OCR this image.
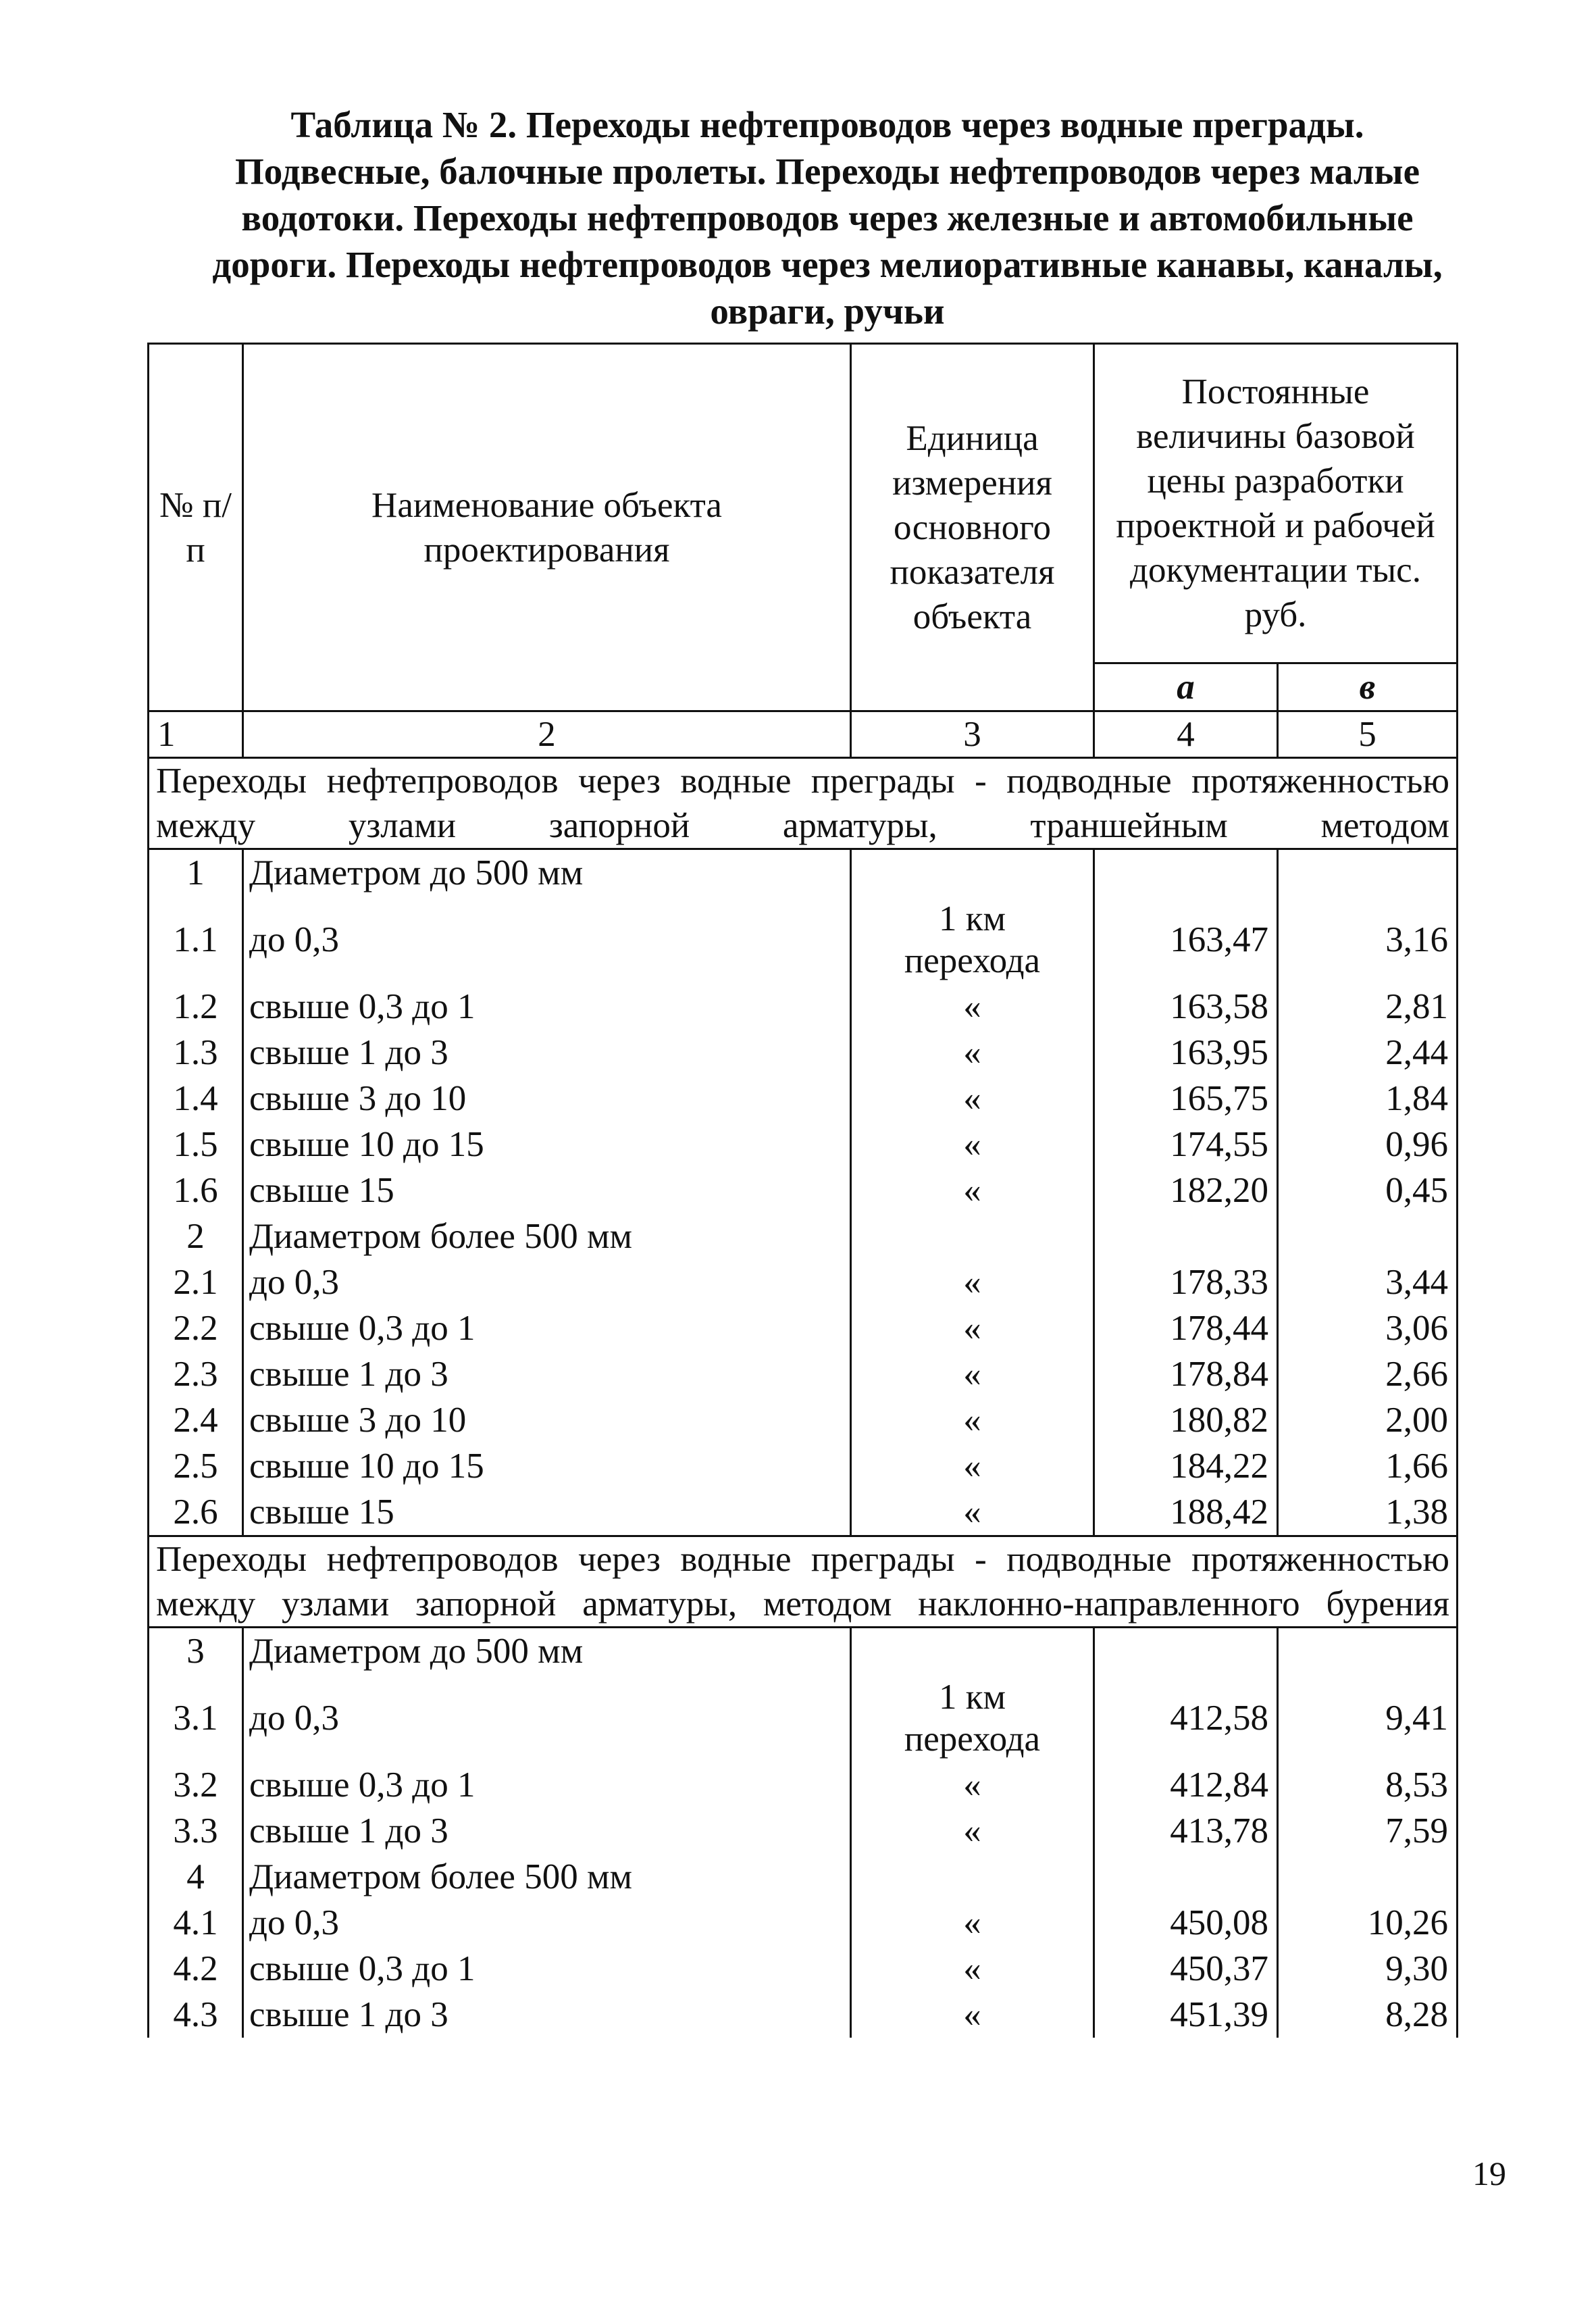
Таблица № 2. Переходы нефтепроводов через водные преграды.
Подвесные, балочные пролеты. Переходы нефтепроводов через малые
водотоки. Переходы нефтепроводов через железные и автомобильные
дороги. Переходы нефтепроводов через мелиоративные канавы, каналы,
овраги, ручьи
№ п/п	Наименование объекта проектирования	Единица измерения основного показателя объекта	Постоянные величины базовой цены разработки проектной и рабочей документации тыс. руб.	
			а	в
1	2	3	4	5
Переходы нефтепроводов через водные преграды - подводные протяженностью между узлами запорной арматуры, траншейным методом				
1	Диаметром до 500 мм			
1.1	до 0,3	1 км перехода	163,47	3,16
1.2	свыше 0,3 до 1	«	163,58	2,81
1.3	свыше 1 до 3	«	163,95	2,44
1.4	свыше 3 до 10	«	165,75	1,84
1.5	свыше 10 до 15	«	174,55	0,96
1.6	свыше 15	«	182,20	0,45
2	Диаметром более 500 мм			
2.1	до 0,3	«	178,33	3,44
2.2	свыше 0,3 до 1	«	178,44	3,06
2.3	свыше 1 до 3	«	178,84	2,66
2.4	свыше 3 до 10	«	180,82	2,00
2.5	свыше 10 до 15	«	184,22	1,66
2.6	свыше 15	«	188,42	1,38
Переходы нефтепроводов через водные преграды - подводные протяженностью между узлами запорной арматуры, методом наклонно-направленного бурения				
3	Диаметром до 500 мм			
3.1	до 0,3	1 км перехода	412,58	9,41
3.2	свыше 0,3 до 1	«	412,84	8,53
3.3	свыше 1 до 3	«	413,78	7,59
4	Диаметром более 500 мм			
4.1	до 0,3	«	450,08	10,26
4.2	свыше 0,3 до 1	«	450,37	9,30
4.3	свыше 1 до 3	«	451,39	8,28
19
